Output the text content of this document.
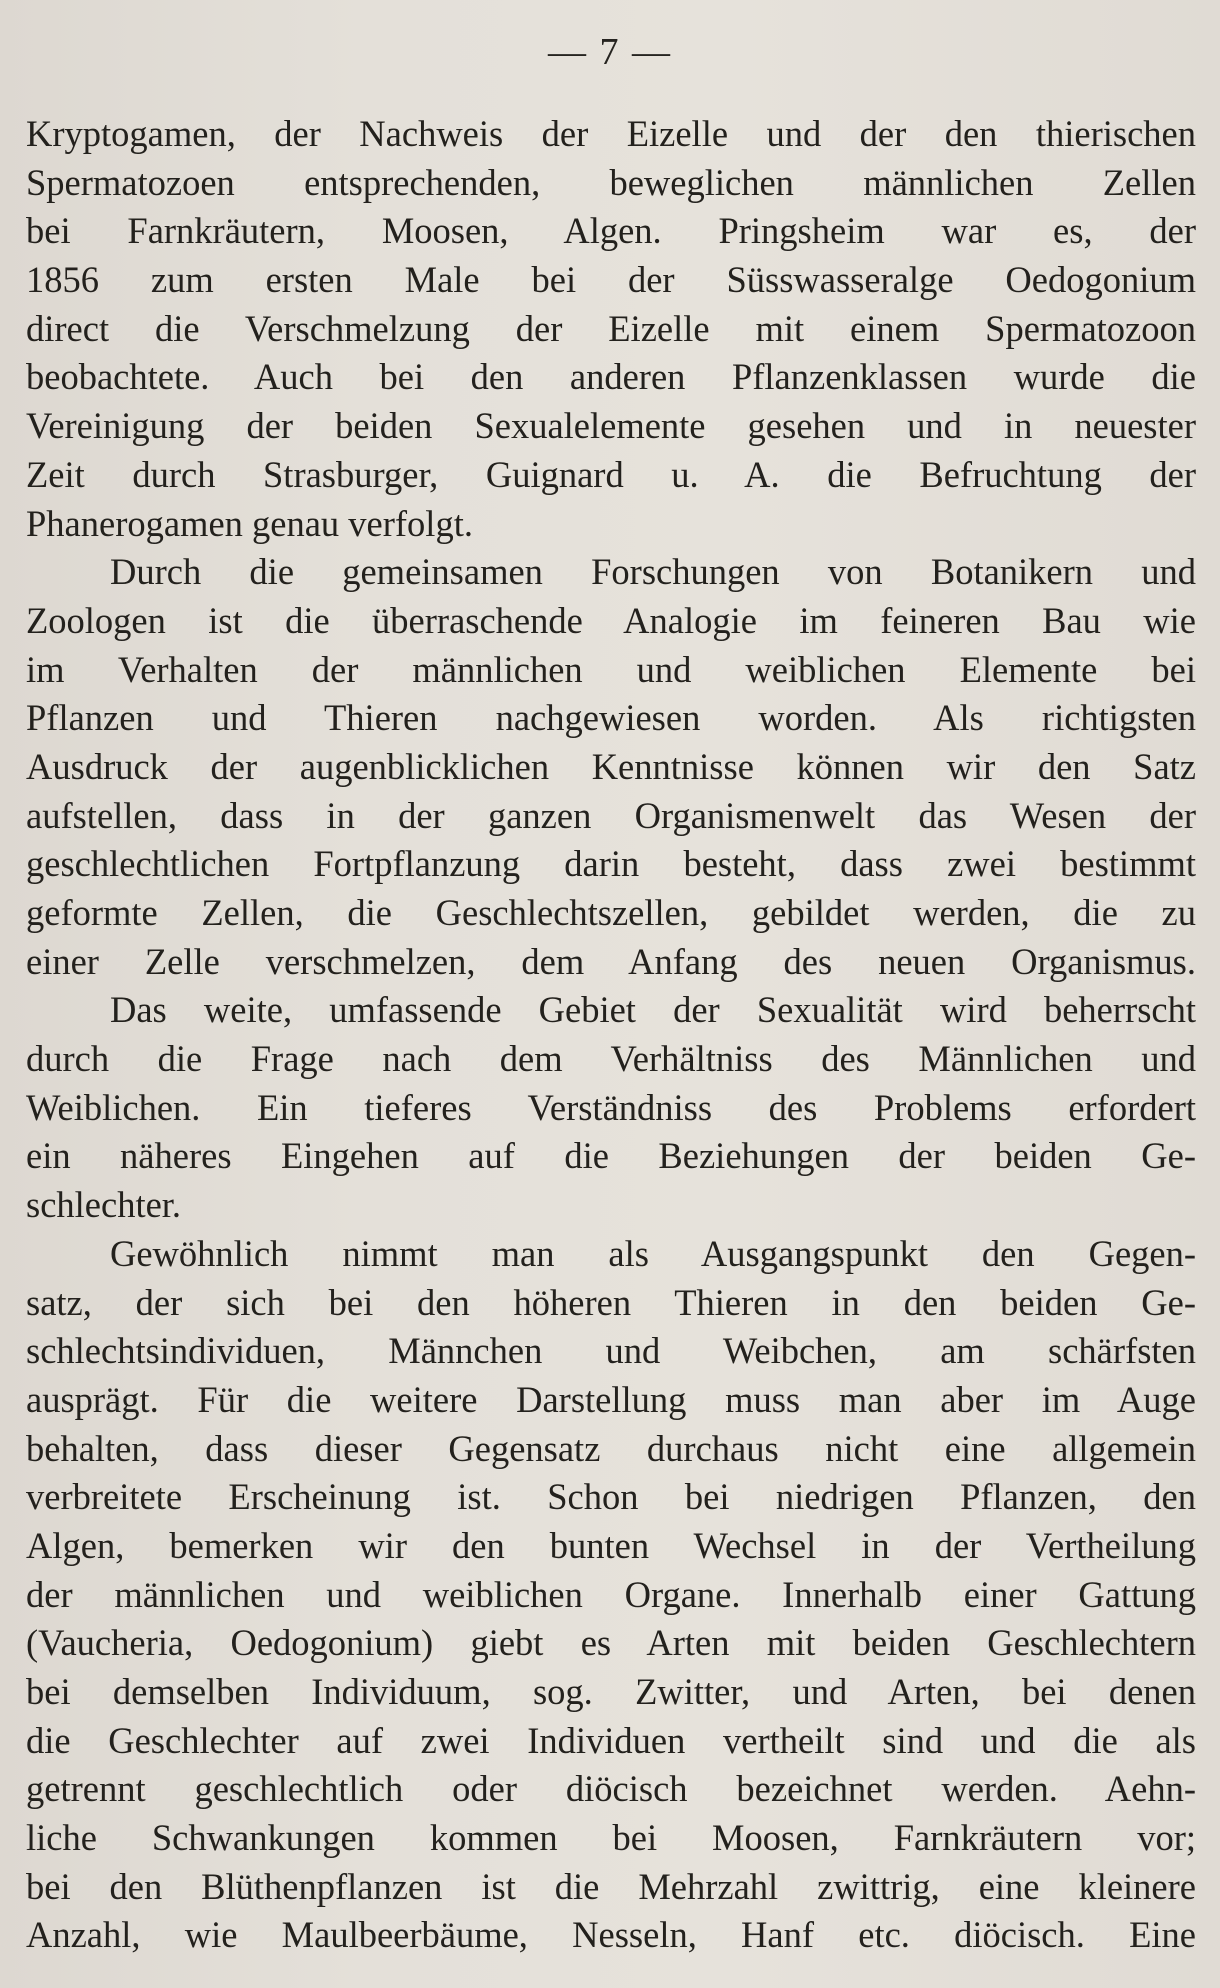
— 7 —
Kryptogamen, der Nachweis der Eizelle und der den thierischen
Spermatozoen entsprechenden, beweglichen männlichen Zellen
bei Farnkräutern, Moosen, Algen. Pringsheim war es, der
1856 zum ersten Male bei der Süsswasseralge Oedogonium
direct die Verschmelzung der Eizelle mit einem Spermatozoon
beobachtete. Auch bei den anderen Pflanzenklassen wurde die
Vereinigung der beiden Sexualelemente gesehen und in neuester
Zeit durch Strasburger, Guignard u. A. die Befruchtung der
Phanerogamen genau verfolgt.
Durch die gemeinsamen Forschungen von Botanikern und
Zoologen ist die überraschende Analogie im feineren Bau wie
im Verhalten der männlichen und weiblichen Elemente bei
Pflanzen und Thieren nachgewiesen worden. Als richtigsten
Ausdruck der augenblicklichen Kenntnisse können wir den Satz
aufstellen, dass in der ganzen Organismenwelt das Wesen der
geschlechtlichen Fortpflanzung darin besteht, dass zwei bestimmt
geformte Zellen, die Geschlechtszellen, gebildet werden, die zu
einer Zelle verschmelzen, dem Anfang des neuen Organismus.
Das weite, umfassende Gebiet der Sexualität wird beherrscht
durch die Frage nach dem Verhältniss des Männlichen und
Weiblichen. Ein tieferes Verständniss des Problems erfordert
ein näheres Eingehen auf die Beziehungen der beiden Ge-
schlechter.
Gewöhnlich nimmt man als Ausgangspunkt den Gegen-
satz, der sich bei den höheren Thieren in den beiden Ge-
schlechtsindividuen, Männchen und Weibchen, am schärfsten
ausprägt. Für die weitere Darstellung muss man aber im Auge
behalten, dass dieser Gegensatz durchaus nicht eine allgemein
verbreitete Erscheinung ist. Schon bei niedrigen Pflanzen, den
Algen, bemerken wir den bunten Wechsel in der Vertheilung
der männlichen und weiblichen Organe. Innerhalb einer Gattung
(Vaucheria, Oedogonium) giebt es Arten mit beiden Geschlechtern
bei demselben Individuum, sog. Zwitter, und Arten, bei denen
die Geschlechter auf zwei Individuen vertheilt sind und die als
getrennt geschlechtlich oder diöcisch bezeichnet werden. Aehn-
liche Schwankungen kommen bei Moosen, Farnkräutern vor;
bei den Blüthenpflanzen ist die Mehrzahl zwittrig, eine kleinere
Anzahl, wie Maulbeerbäume, Nesseln, Hanf etc. diöcisch. Eine
